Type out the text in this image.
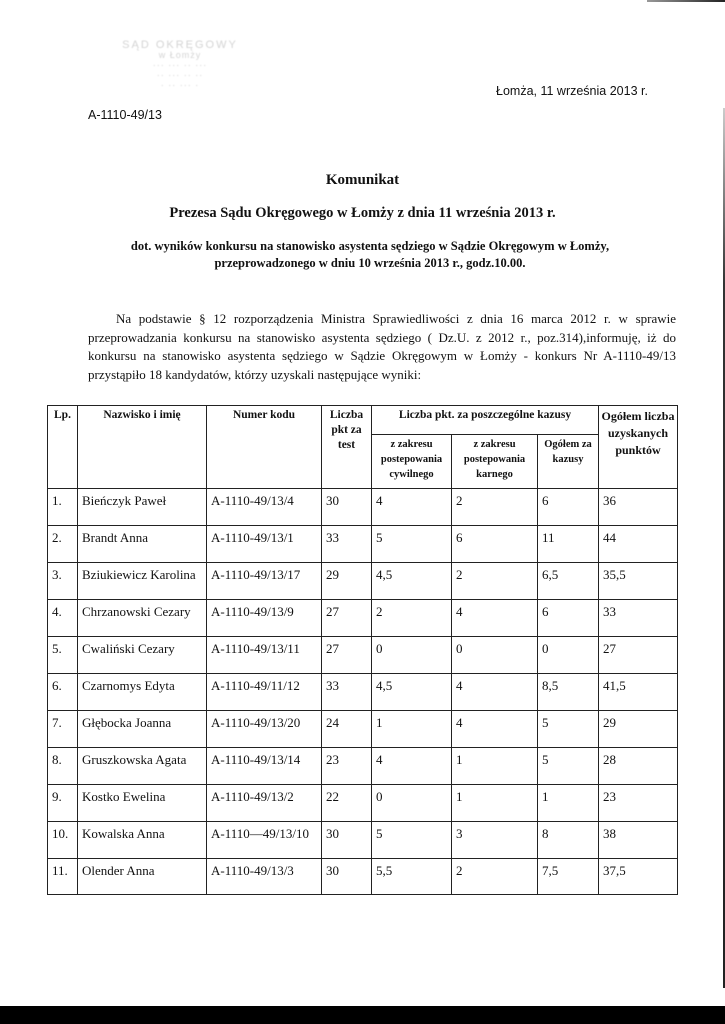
SĄD OKRĘGOWY
w Łomży
··· ··· ·· ···
·· ··· ·· ··
· ·· ··· ·	Łomża, 11 września 2013 r.
A-1110-49/13
Komunikat
Prezesa Sądu Okręgowego w Łomży z dnia 11 września 2013 r.
dot. wyników konkursu na stanowisko asystenta sędziego w Sądzie Okręgowym w Łomży,
przeprowadzonego w dniu 10 września 2013 r., godz.10.00.

Na podstawie § 12 rozporządzenia Ministra Sprawiedliwości z dnia 16 marca 2012 r. w sprawie przeprowadzania konkursu na stanowisko asystenta sędziego ( Dz.U. z 2012 r., poz.314),informuję, iż do konkursu na stanowisko asystenta sędziego w Sądzie Okręgowym w Łomży - konkurs Nr A-1110-49/13 przystąpiło 18 kandydatów, którzy uzyskali następujące wyniki:

Lp.	Nazwisko i imię	Numer kodu	Liczba pkt za test	Liczba pkt. za poszczególne kazusy			Ogółem liczba uzyskanych punktów
				z zakresu postepowania cywilnego	z zakresu postepowania karnego	Ogółem za kazusy	
1.	Bieńczyk Paweł	A-1110-49/13/4	30	4	2	6	36
2.	Brandt Anna	A-1110-49/13/1	33	5	6	11	44
3.	Bziukiewicz Karolina	A-1110-49/13/17	29	4,5	2	6,5	35,5
4.	Chrzanowski Cezary	A-1110-49/13/9	27	2	4	6	33
5.	Cwaliński Cezary	A-1110-49/13/11	27	0	0	0	27
6.	Czarnomys Edyta	A-1110-49/11/12	33	4,5	4	8,5	41,5
7.	Głębocka Joanna	A-1110-49/13/20	24	1	4	5	29
8.	Gruszkowska Agata	A-1110-49/13/14	23	4	1	5	28
9.	Kostko Ewelina	A-1110-49/13/2	22	0	1	1	23
10.	Kowalska Anna	A-1110—49/13/10	30	5	3	8	38
11.	Olender Anna	A-1110-49/13/3	30	5,5	2	7,5	37,5
